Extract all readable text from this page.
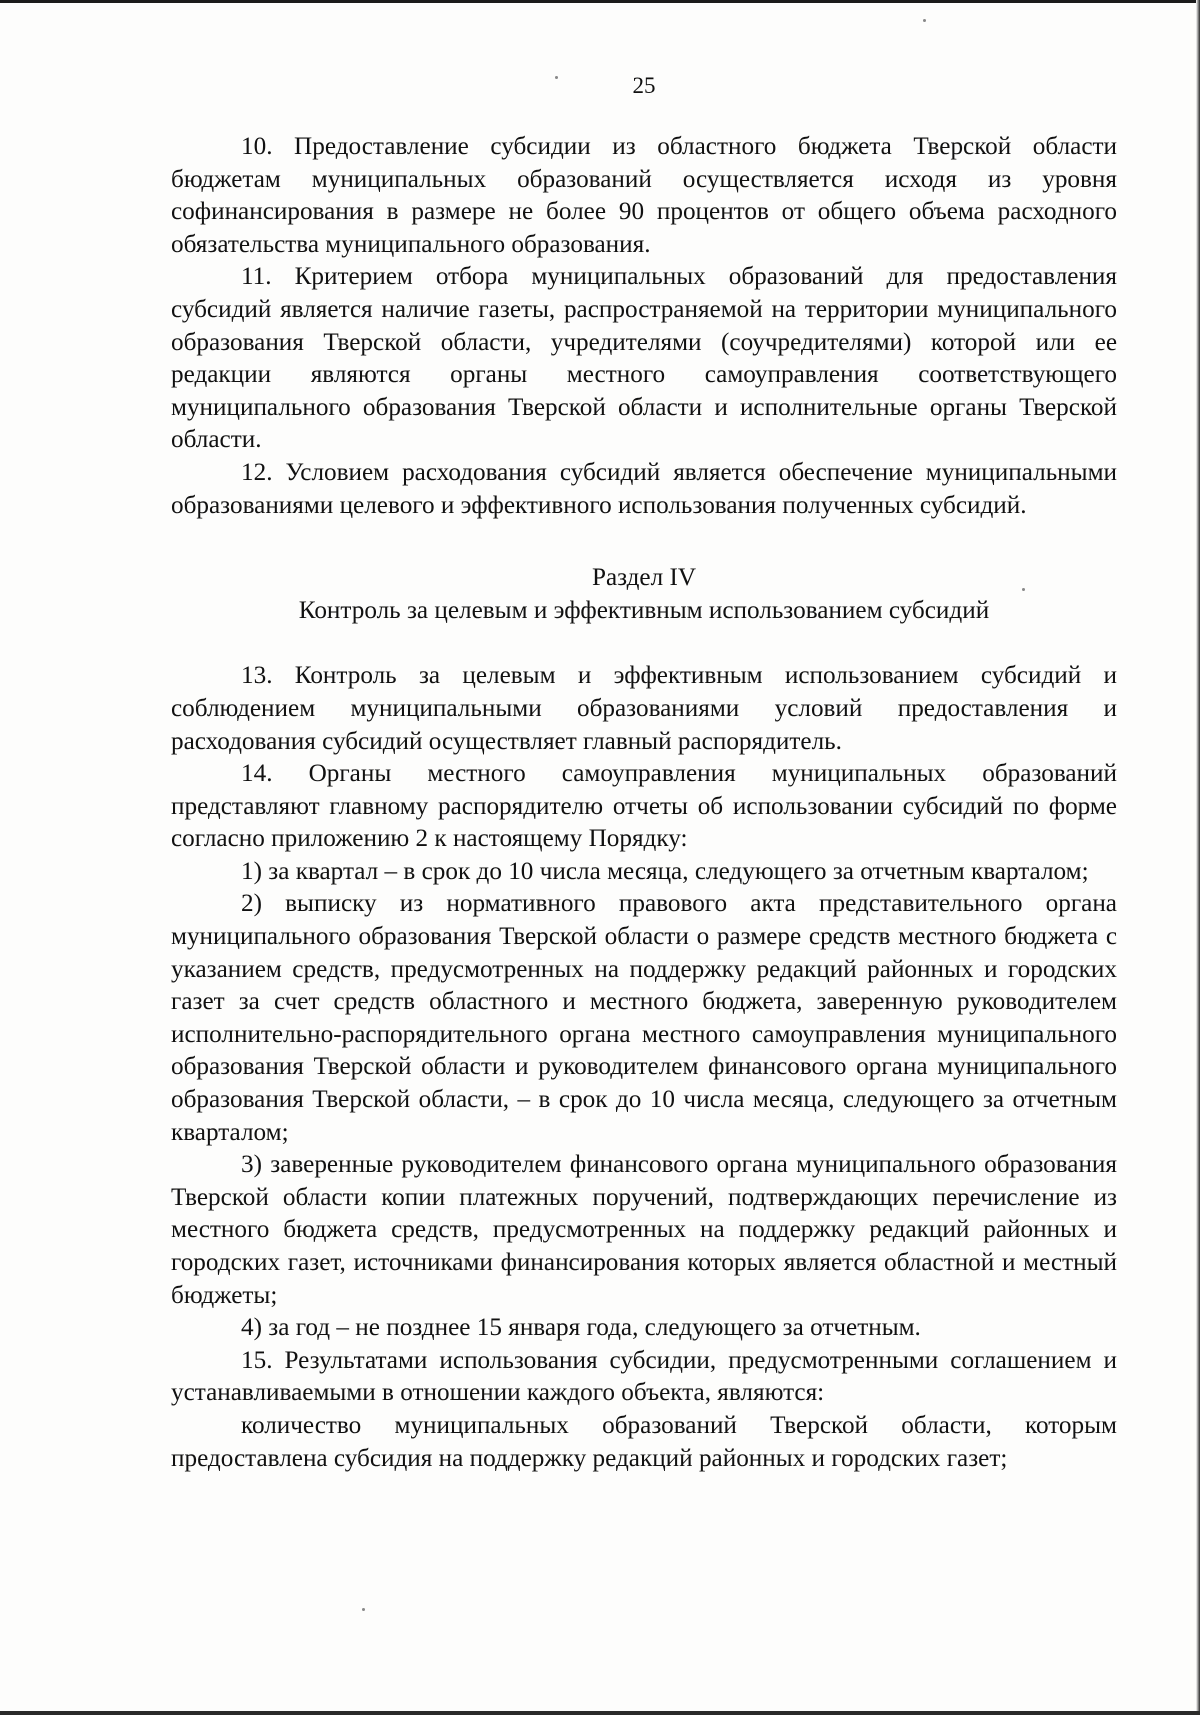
25

10. Предоставление субсидии из областного бюджета Тверской области бюджетам муниципальных образований осуществляется исходя из уровня софинансирования в размере не более 90 процентов от общего объема расходного обязательства муниципального образования.

11. Критерием отбора муниципальных образований для предоставления субсидий является наличие газеты, распространяемой на территории муниципального образования Тверской области, учредителями (соучредителями) которой или ее редакции являются органы местного самоуправления соответствующего муниципального образования Тверской области и исполнительные органы Тверской области.

12. Условием расходования субсидий является обеспечение муниципальными образованиями целевого и эффективного использования полученных субсидий.

Раздел IV

Контроль за целевым и эффективным использованием субсидий

13. Контроль за целевым и эффективным использованием субсидий и соблюдением муниципальными образованиями условий предоставления и расходования субсидий осуществляет главный распорядитель.

14. Органы местного самоуправления муниципальных образований представляют главному распорядителю отчеты об использовании субсидий по форме согласно приложению 2 к настоящему Порядку:

1) за квартал – в срок до 10 числа месяца, следующего за отчетным кварталом;

2) выписку из нормативного правового акта представительного органа муниципального образования Тверской области о размере средств местного бюджета с указанием средств, предусмотренных на поддержку редакций районных и городских газет за счет средств областного и местного бюджета, заверенную руководителем исполнительно-распорядительного органа местного самоуправления муниципального образования Тверской области и руководителем финансового органа муниципального образования Тверской области, – в срок до 10 числа месяца, следующего за отчетным кварталом;

3) заверенные руководителем финансового органа муниципального образования Тверской области копии платежных поручений, подтверждающих перечисление из местного бюджета средств, предусмотренных на поддержку редакций районных и городских газет, источниками финансирования которых является областной и местный бюджеты;

4) за год – не позднее 15 января года, следующего за отчетным.

15. Результатами использования субсидии, предусмотренными соглашением и устанавливаемыми в отношении каждого объекта, являются:

количество муниципальных образований Тверской области, которым предоставлена субсидия на поддержку редакций районных и городских газет;
